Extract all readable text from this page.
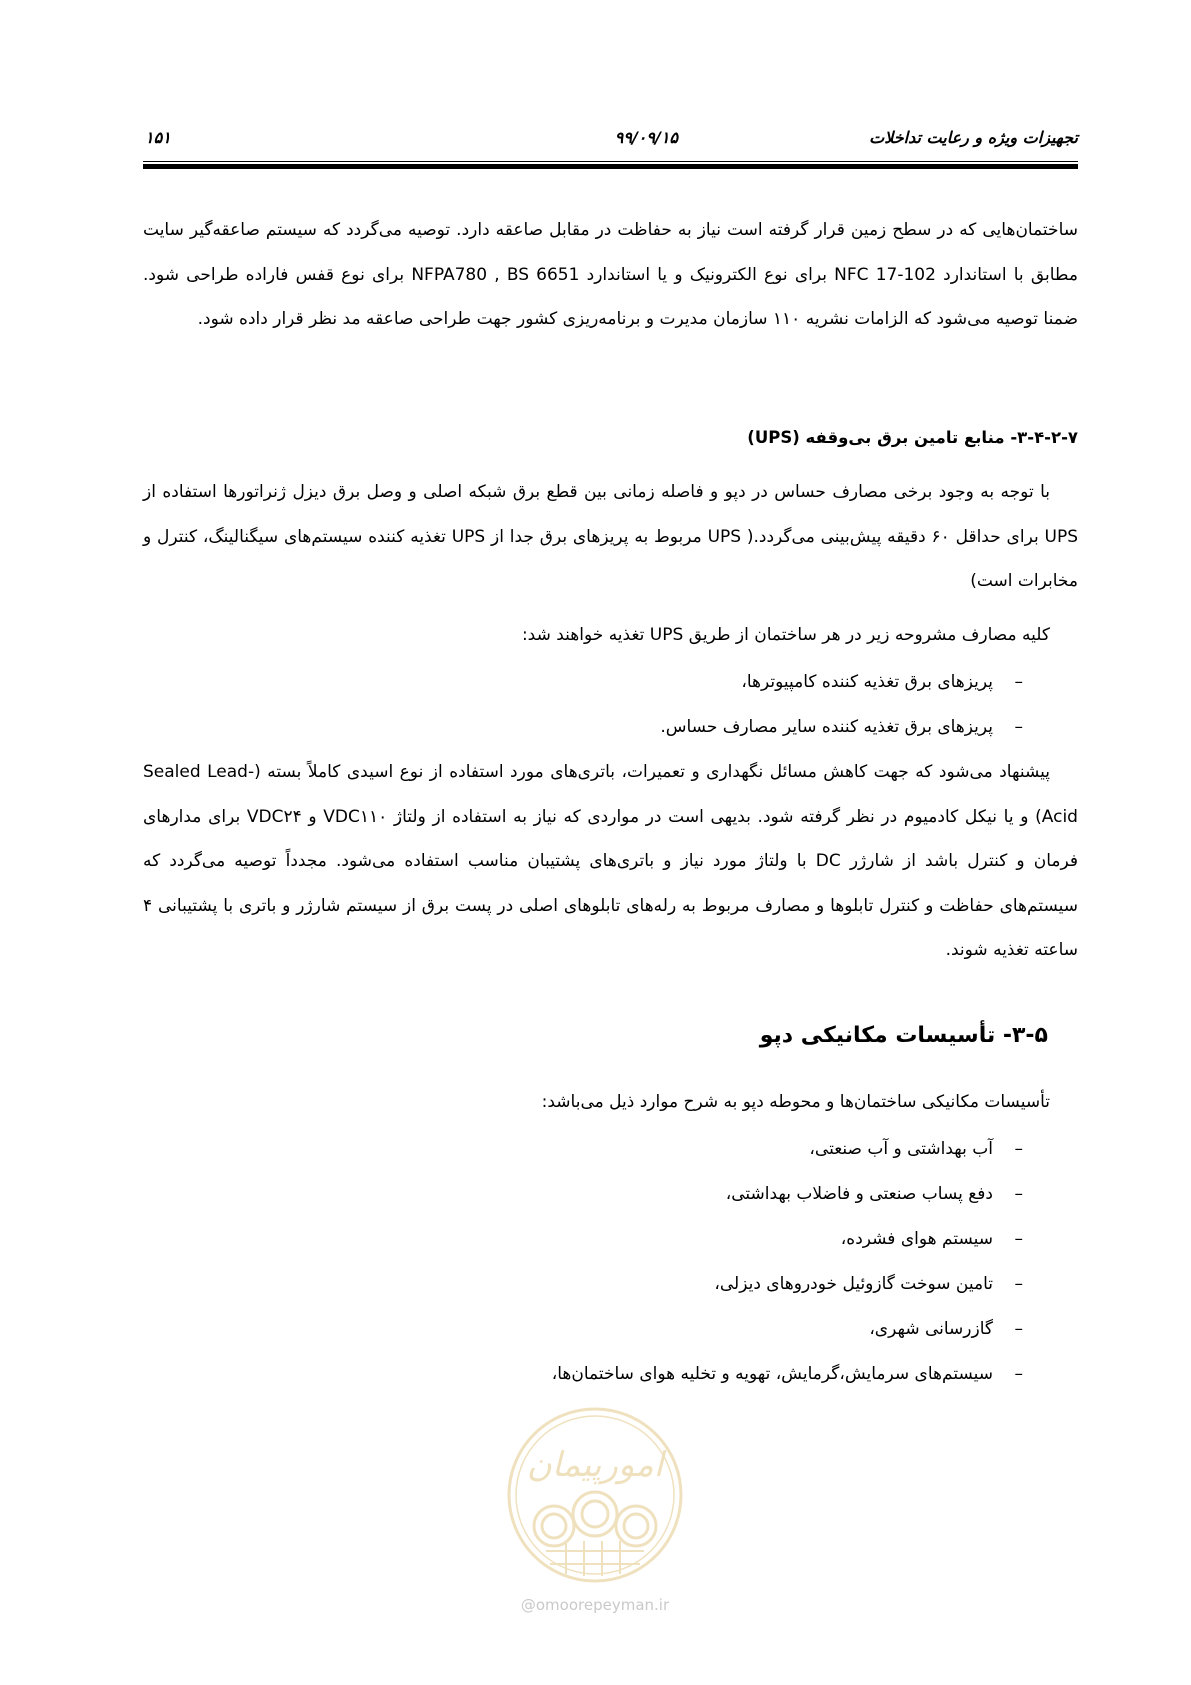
تجهیزات ویژه و رعایت تداخلات
۹۹/۰۹/۱۵
۱۵۱

ساختمان‌هایی که در سطح زمین قرار گرفته است نیاز به حفاظت در مقابل صاعقه دارد. توصیه می‌گردد که سیستم صاعقه‌گیر سایت مطابق با استاندارد NFC 17-102 برای نوع الکترونیک و یا استاندارد NFPA780 , BS 6651 برای نوع قفس فاراده طراحی شود. ضمنا توصیه می‌شود که الزامات نشریه ۱۱۰ سازمان مدیرت و برنامه‌ریزی کشور جهت طراحی صاعقه مد نظر قرار داده شود.

۳-۴-۲-۷- منابع تامین برق بی‌وقفه (UPS)

با توجه به وجود برخی مصارف حساس در دپو و فاصله زمانی بین قطع برق شبکه اصلی و وصل برق دیزل ژنراتورها استفاده از UPS برای حداقل ۶۰ دقیقه پیش‌بینی می‌گردد.( UPS مربوط به پریزهای برق جدا از UPS تغذیه کننده سیستم‌های سیگنالینگ، کنترل و مخابرات است)

کلیه مصارف مشروحه زیر در هر ساختمان از طریق UPS تغذیه خواهند شد:

–
پریزهای برق تغذیه کننده کامپیوترها،
–
پریزهای برق تغذیه کننده سایر مصارف حساس.

پیشنهاد می‌شود که جهت کاهش مسائل نگهداری و تعمیرات، باتری‌های مورد استفاده از نوع اسیدی کاملاً بسته (Sealed Lead-Acid) و یا نیکل کادمیوم در نظر گرفته شود. بدیهی است در مواردی که نیاز به استفاده از ولتاژ VDC۱۱۰ و VDC۲۴ برای مدارهای فرمان و کنترل باشد از شارژر DC با ولتاژ مورد نیاز و باتری‌های پشتیبان مناسب استفاده می‌شود. مجدداً توصیه می‌گردد که سیستم‌های حفاظت و کنترل تابلوها و مصارف مربوط به رله‌های تابلوهای اصلی در پست برق از سیستم شارژر و باتری با پشتیبانی ۴ ساعته تغذیه شوند.

۳-۵- تأسیسات مکانیکی دپو

تأسیسات مکانیکی ساختمان‌ها و محوطه دپو به شرح موارد ذیل می‌باشد:

–
آب بهداشتی و آب صنعتی،
–
دفع پساب صنعتی و فاضلاب بهداشتی،
–
سیستم هوای فشرده،
–
تامین سوخت گازوئیل خودروهای دیزلی،
–
گازرسانی شهری،
–
سیستم‌های سرمایش،گرمایش، تهویه و تخلیه هوای ساختمان‌ها،
امورپیمان
@omoorepeyman.ir
